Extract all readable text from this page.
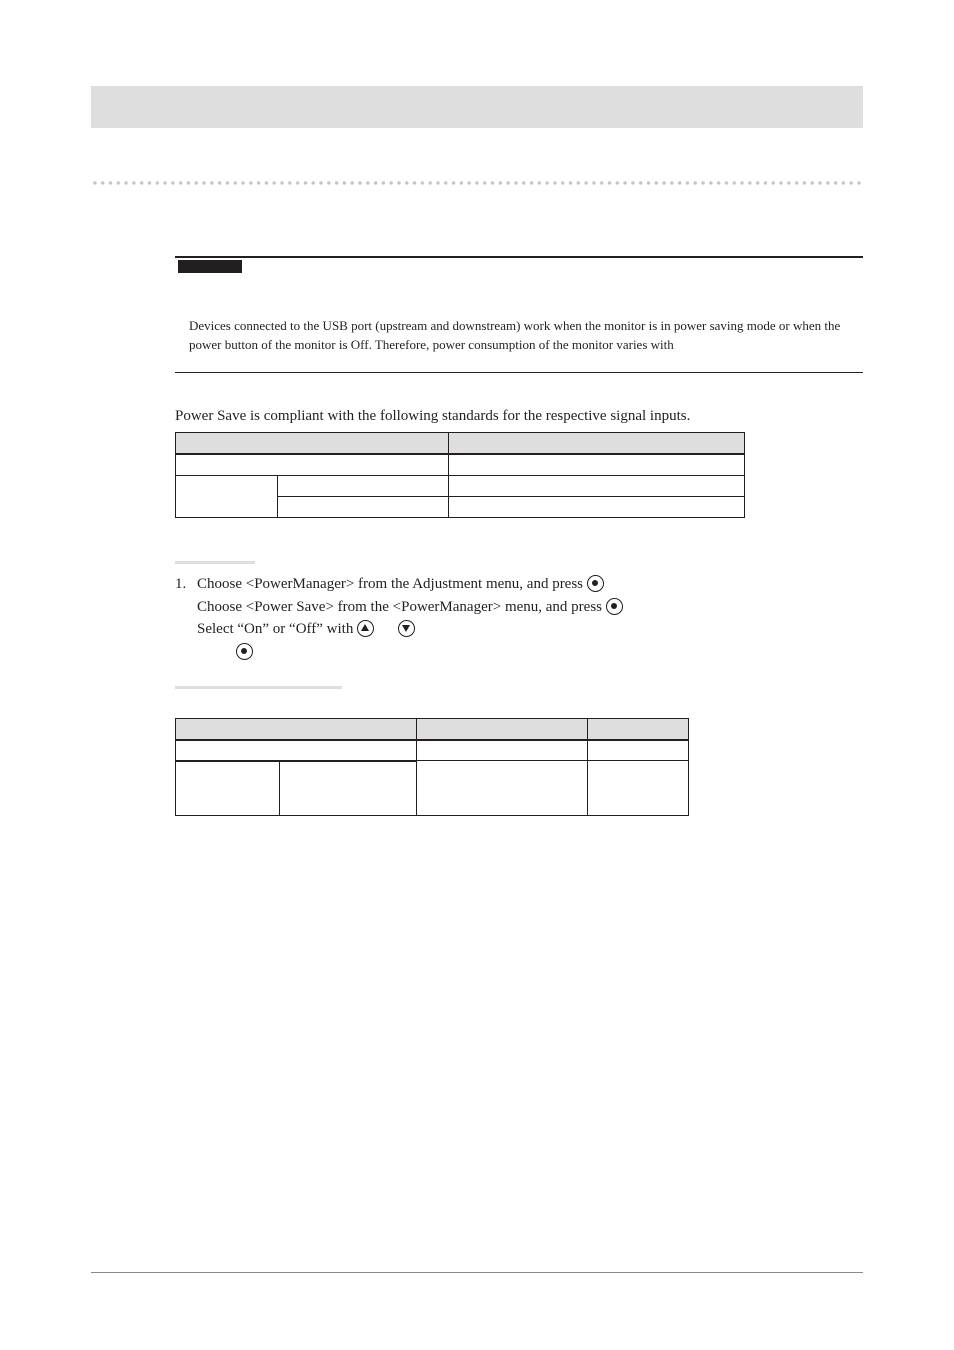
Devices connected to the USB port (upstream and downstream) work when the monitor is in power saving mode or when the power button of the monitor is Off. Therefore, power consumption of the monitor varies with

Power Save is compliant with the following standards for the respective signal inputs.

1. Choose <PowerManager> from the Adjustment menu, and press
Choose <Power Save> from the <PowerManager> menu, and press
Select “On” or “Off” with
